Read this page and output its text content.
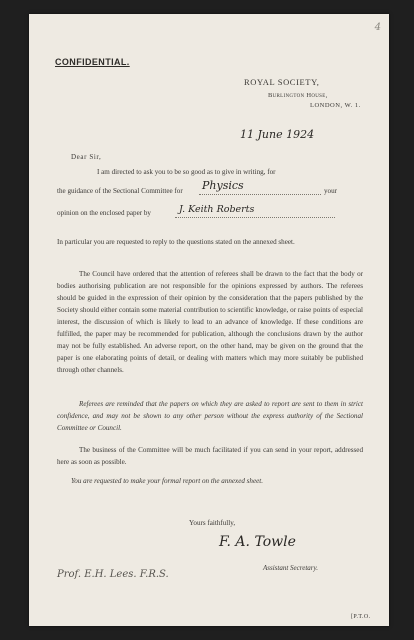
4
CONFIDENTIAL.
ROYAL SOCIETY,
Burlington House,
LONDON, W. 1.
11 June 1924
Dear Sir,
I am directed to ask you to be so good as to give in writing, for
the guidance of the Sectional Committee for Physics	your
opinion on the enclosed paper by	J. Keith Roberts
In particular you are requested to reply to the questions stated on the annexed sheet.
The Council have ordered that the attention of referees shall be drawn to the fact that the body or bodies authorising publication are not responsible for the opinions expressed by authors. The referees should be guided in the expression of their opinion by the consideration that the papers published by the Society should either contain some material contribution to scientific knowledge, or raise points of especial interest, the discussion of which is likely to lead to an advance of knowledge. If these conditions are fulfilled, the paper may be recommended for publication, although the conclusions drawn by the author may not be fully established. An adverse report, on the other hand, may be given on the ground that the paper is one elaborating points of detail, or dealing with matters which may more suitably be published through other channels.
Referees are reminded that the papers on which they are asked to report are sent to them in strict confidence, and may not be shown to any other person without the express authority of the Sectional Committee or Council.
The business of the Committee will be much facilitated if you can send in your report, addressed here as soon as possible.
You are requested to make your formal report on the annexed sheet.
Yours faithfully,
F. A. Towle
Assistant Secretary.
Prof. E.H. Lees. F.R.S.
[P.T.O.
